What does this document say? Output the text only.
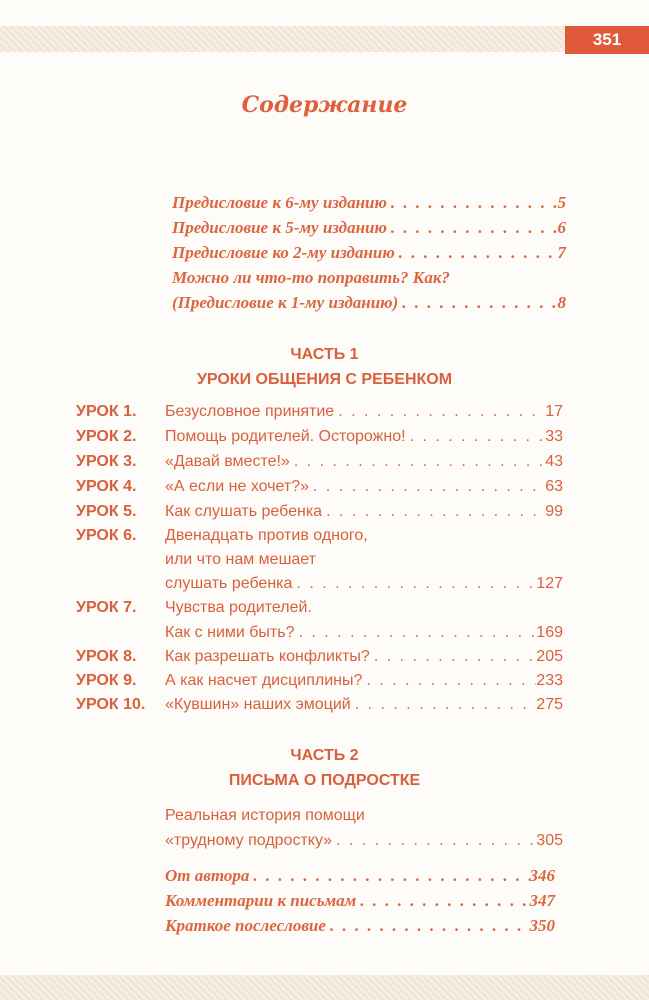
351
Содержание
Предисловие к 6-му изданию . . .	5
Предисловие к 5-му изданию . . .	6
Предисловие ко 2-му изданию . . .	7
Можно ли что-то поправить? Как?
(Предисловие к 1-му изданию) . . .	8
ЧАСТЬ 1
УРОКИ ОБЩЕНИЯ С РЕБЕНКОМ
УРОК 1. Безусловное принятие . . .	17
УРОК 2. Помощь родителей. Осторожно! . . .	33
УРОК 3. «Давай вместе!» . . .	43
УРОК 4. «А если не хочет?» . . .	63
УРОК 5. Как слушать ребенка . . .	99
УРОК 6. Двенадцать против одного,
или что нам мешает
слушать ребенка . . .	127
УРОК 7. Чувства родителей.
Как с ними быть? . . .	169
УРОК 8. Как разрешать конфликты? . . .	205
УРОК 9. А как насчет дисциплины? . . .	233
УРОК 10. «Кувшин» наших эмоций . . .	275
ЧАСТЬ 2
ПИСЬМА О ПОДРОСТКЕ
Реальная история помощи
«трудному подростку» . . .	305
От автора . . .	346
Комментарии к письмам . . .	347
Краткое послесловие . . .	350
